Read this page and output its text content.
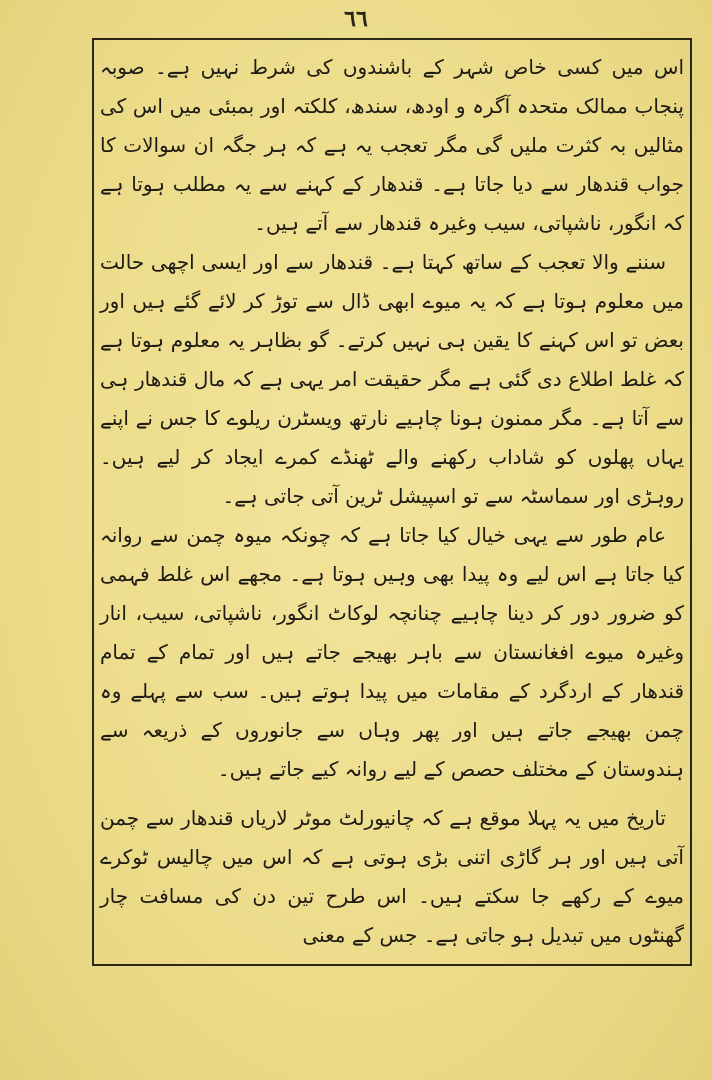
٦٦

اس میں کسی خاص شہر کے باشندوں کی شرط نہیں ہے۔ صوبہ پنجاب ممالک متحدہ آگرہ و اودھ، سندھ، کلکتہ اور بمبئی میں اس کی مثالیں بہ کثرت ملیں گی مگر تعجب یہ ہے کہ ہر جگہ ان سوالات کا جواب قندھار سے دیا جاتا ہے۔ قندھار کے کہنے سے یہ مطلب ہوتا ہے کہ انگور، ناشپاتی، سیب وغیرہ قندھار سے آتے ہیں۔

سننے والا تعجب کے ساتھ کہتا ہے۔ قندھار سے اور ایسی اچھی حالت میں معلوم ہوتا ہے کہ یہ میوے ابھی ڈال سے توڑ کر لائے گئے ہیں اور بعض تو اس کہنے کا یقین ہی نہیں کرتے۔ گو بظاہر یہ معلوم ہوتا ہے کہ غلط اطلاع دی گئی ہے مگر حقیقت امر یہی ہے کہ مال قندھار ہی سے آتا ہے۔ مگر ممنون ہونا چاہیے نارتھ ویسٹرن ریلوے کا جس نے اپنے یہاں پھلوں کو شاداب رکھنے والے ٹھنڈے کمرے ایجاد کر لیے ہیں۔ روہڑی اور سماسٹہ سے تو اسپیشل ٹرین آتی جاتی ہے۔

عام طور سے یہی خیال کیا جاتا ہے کہ چونکہ میوہ چمن سے روانہ کیا جاتا ہے اس لیے وہ پیدا بھی وہیں ہوتا ہے۔ مجھے اس غلط فہمی کو ضرور دور کر دینا چاہیے چنانچہ لوکاٹ انگور، ناشپاتی، سیب، انار وغیرہ میوے افغانستان سے باہر بھیجے جاتے ہیں اور تمام کے تمام قندھار کے اردگرد کے مقامات میں پیدا ہوتے ہیں۔ سب سے پہلے وہ چمن بھیجے جاتے ہیں اور پھر وہاں سے جانوروں کے ذریعہ سے ہندوستان کے مختلف حصص کے لیے روانہ کیے جاتے ہیں۔

تاریخ میں یہ پہلا موقع ہے کہ چانیورلٹ موٹر لاریاں قندھار سے چمن آتی ہیں اور ہر گاڑی اتنی بڑی ہوتی ہے کہ اس میں چالیس ٹوکرے میوے کے رکھے جا سکتے ہیں۔ اس طرح تین دن کی مسافت چار گھنٹوں میں تبدیل ہو جاتی ہے۔ جس کے معنی
